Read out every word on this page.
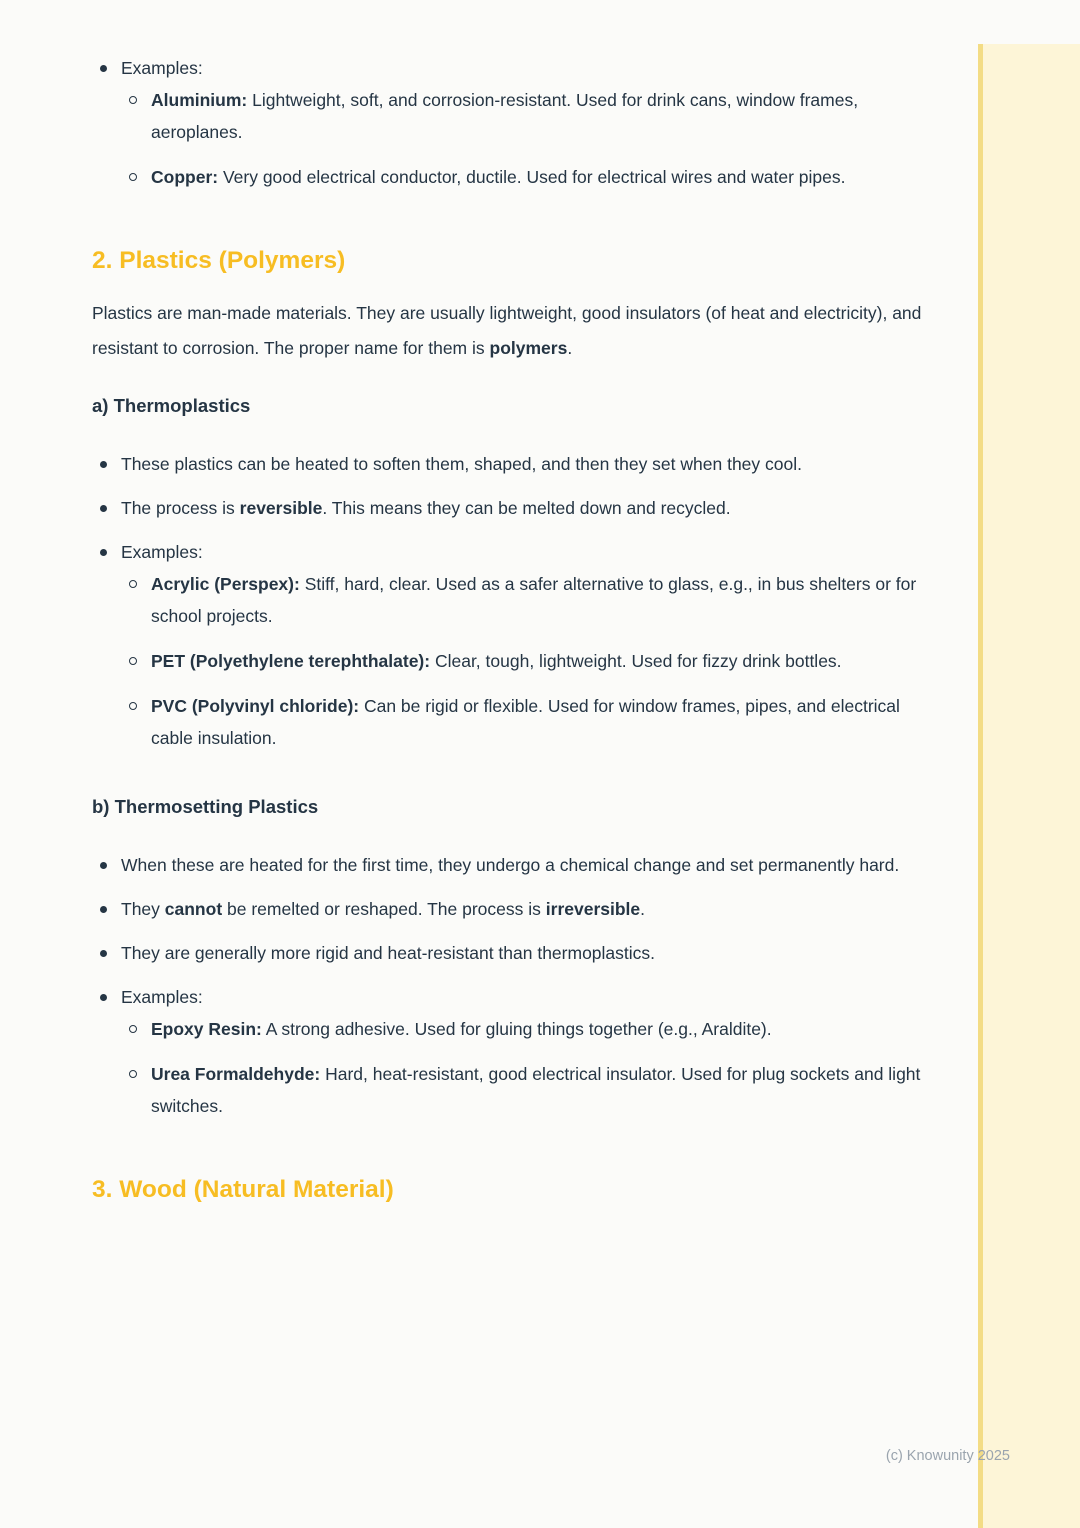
Examples:
Aluminium: Lightweight, soft, and corrosion-resistant. Used for drink cans, window frames, aeroplanes.
Copper: Very good electrical conductor, ductile. Used for electrical wires and water pipes.
2. Plastics (Polymers)

Plastics are man-made materials. They are usually lightweight, good insulators (of heat and electricity), and resistant to corrosion. The proper name for them is polymers.

a) Thermoplastics
These plastics can be heated to soften them, shaped, and then they set when they cool.
The process is reversible. This means they can be melted down and recycled.
Examples:
Acrylic (Perspex): Stiff, hard, clear. Used as a safer alternative to glass, e.g., in bus shelters or for school projects.
PET (Polyethylene terephthalate): Clear, tough, lightweight. Used for fizzy drink bottles.
PVC (Polyvinyl chloride): Can be rigid or flexible. Used for window frames, pipes, and electrical cable insulation.
b) Thermosetting Plastics
When these are heated for the first time, they undergo a chemical change and set permanently hard.
They cannot be remelted or reshaped. The process is irreversible.
They are generally more rigid and heat-resistant than thermoplastics.
Examples:
Epoxy Resin: A strong adhesive. Used for gluing things together (e.g., Araldite).
Urea Formaldehyde: Hard, heat-resistant, good electrical insulator. Used for plug sockets and light switches.
3. Wood (Natural Material)
(c) Knowunity 2025
